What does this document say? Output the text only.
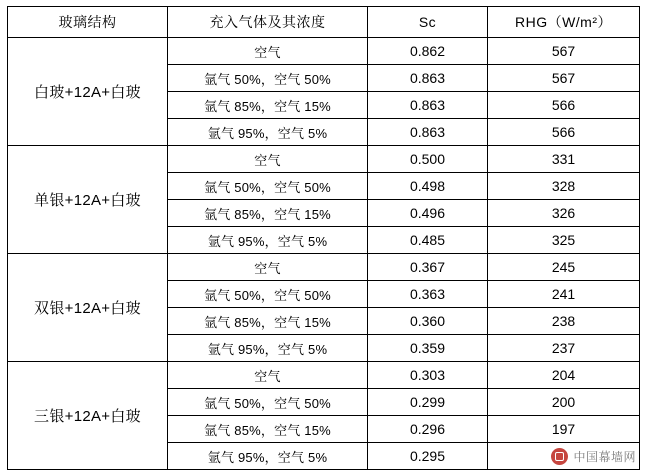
玻璃结构	充入气体及其浓度	Sc	RHG（W/m²）
白玻+12A+白玻	空气	0.862	567
	氩气 50%，空气 50%	0.863	567
	氩气 85%，空气 15%	0.863	566
	氩气 95%，空气 5%	0.863	566
单银+12A+白玻	空气	0.500	331
	氩气 50%，空气 50%	0.498	328
	氩气 85%，空气 15%	0.496	326
	氩气 95%，空气 5%	0.485	325
双银+12A+白玻	空气	0.367	245
	氩气 50%，空气 50%	0.363	241
	氩气 85%，空气 15%	0.360	238
	氩气 95%，空气 5%	0.359	237
三银+12A+白玻	空气	0.303	204
	氩气 50%，空气 50%	0.299	200
	氩气 85%，空气 15%	0.296	197
	氩气 95%，空气 5%	0.295		中国幕墙网
